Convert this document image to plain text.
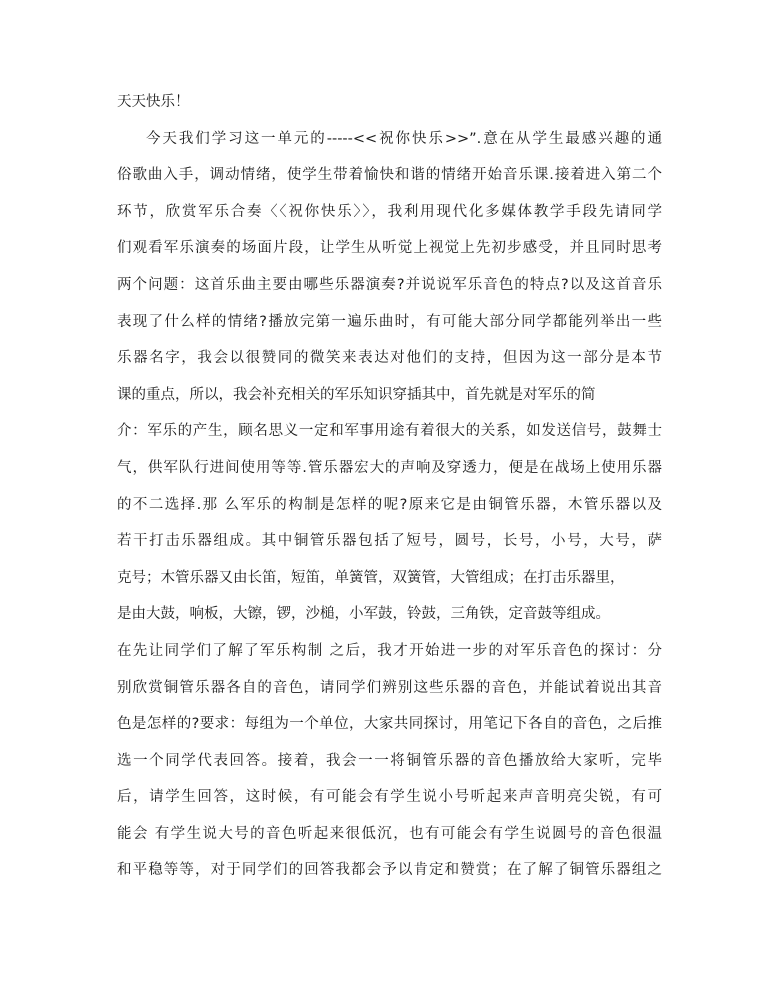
天天快乐！
今天我们学习这一单元的-----<<祝你快乐>>”.意在从学生最感兴趣的通
俗歌曲入手，调动情绪，使学生带着愉快和谐的情绪开始音乐课.接着进入第二个
环节，欣赏军乐合奏〈〈祝你快乐〉〉，我利用现代化多媒体教学手段先请同学
们观看军乐演奏的场面片段，让学生从听觉上视觉上先初步感受，并且同时思考
两个问题：这首乐曲主要由哪些乐器演奏?并说说军乐音色的特点?以及这首音乐
表现了什么样的情绪?播放完第一遍乐曲时，有可能大部分同学都能列举出一些
乐器名字，我会以很赞同的微笑来表达对他们的支持，但因为这一部分是本节
课的重点，所以，我会补充相关的军乐知识穿插其中，首先就是对军乐的简
介：军乐的产生，顾名思义一定和军事用途有着很大的关系，如发送信号，鼓舞士
气，供军队行进间使用等等.管乐器宏大的声响及穿透力，便是在战场上使用乐器
的不二选择.那 么军乐的构制是怎样的呢?原来它是由铜管乐器，木管乐器以及
若干打击乐器组成。其中铜管乐器包括了短号，圆号，长号，小号，大号，萨
克号；木管乐器又由长笛，短笛，单簧管，双簧管，大管组成；在打击乐器里，
是由大鼓，响板，大镲，锣，沙槌，小军鼓，铃鼓，三角铁，定音鼓等组成。
在先让同学们了解了军乐构制 之后，我才开始进一步的对军乐音色的探讨：分
别欣赏铜管乐器各自的音色，请同学们辨别这些乐器的音色，并能试着说出其音
色是怎样的?要求：每组为一个单位，大家共同探讨，用笔记下各自的音色，之后推
选一个同学代表回答。接着，我会一一将铜管乐器的音色播放给大家听，完毕
后，请学生回答，这时候，有可能会有学生说小号听起来声音明亮尖锐，有可
能会 有学生说大号的音色听起来很低沉，也有可能会有学生说圆号的音色很温
和平稳等等，对于同学们的回答我都会予以肯定和赞赏；在了解了铜管乐器组之
